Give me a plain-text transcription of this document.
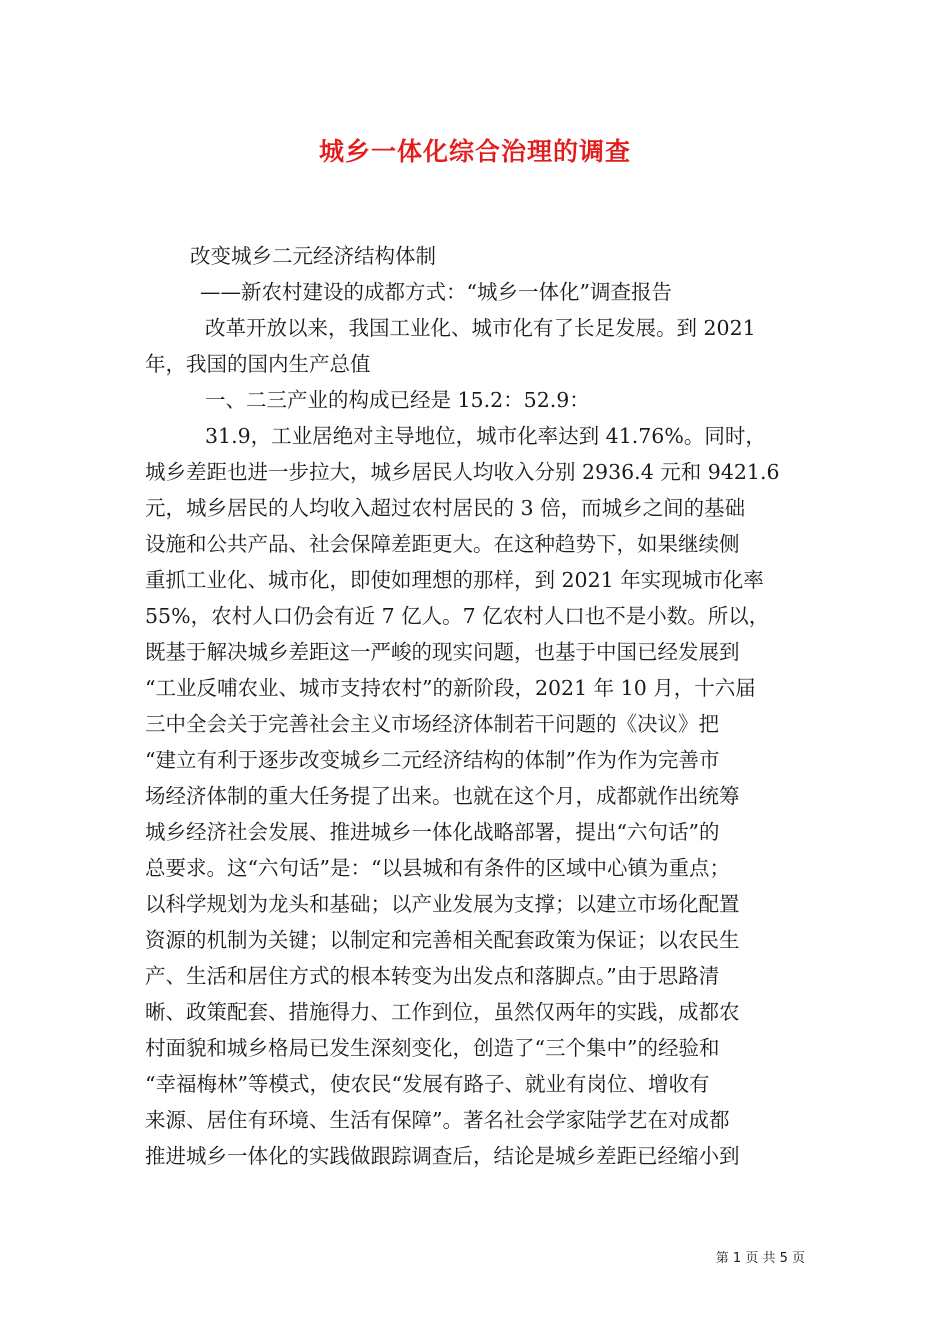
城乡一体化综合治理的调查
改变城乡二元经济结构体制
——新农村建设的成都方式：“城乡一体化”调查报告
改革开放以来，我国工业化、城市化有了长足发展。到 2021
年，我国的国内生产总值
一、二三产业的构成已经是 15.2：52.9：
31.9，工业居绝对主导地位，城市化率达到 41.76%。同时，
城乡差距也进一步拉大，城乡居民人均收入分别 2936.4 元和 9421.6
元，城乡居民的人均收入超过农村居民的 3 倍，而城乡之间的基础
设施和公共产品、社会保障差距更大。在这种趋势下，如果继续侧
重抓工业化、城市化，即使如理想的那样，到 2021 年实现城市化率
55%，农村人口仍会有近 7 亿人。7 亿农村人口也不是小数。所以，
既基于解决城乡差距这一严峻的现实问题，也基于中国已经发展到
“工业反哺农业、城市支持农村”的新阶段，2021 年 10 月，十六届
三中全会关于完善社会主义市场经济体制若干问题的《决议》把
“建立有利于逐步改变城乡二元经济结构的体制”作为作为完善市
场经济体制的重大任务提了出来。也就在这个月，成都就作出统筹
城乡经济社会发展、推进城乡一体化战略部署，提出“六句话”的
总要求。这“六句话”是：“以县城和有条件的区域中心镇为重点；
以科学规划为龙头和基础；以产业发展为支撑；以建立市场化配置
资源的机制为关键；以制定和完善相关配套政策为保证；以农民生
产、生活和居住方式的根本转变为出发点和落脚点。”由于思路清
晰、政策配套、措施得力、工作到位，虽然仅两年的实践，成都农
村面貌和城乡格局已发生深刻变化，创造了“三个集中”的经验和
“幸福梅林”等模式，使农民“发展有路子、就业有岗位、增收有
来源、居住有环境、生活有保障”。著名社会学家陆学艺在对成都
推进城乡一体化的实践做跟踪调查后，结论是城乡差距已经缩小到
第 1 页 共 5 页
